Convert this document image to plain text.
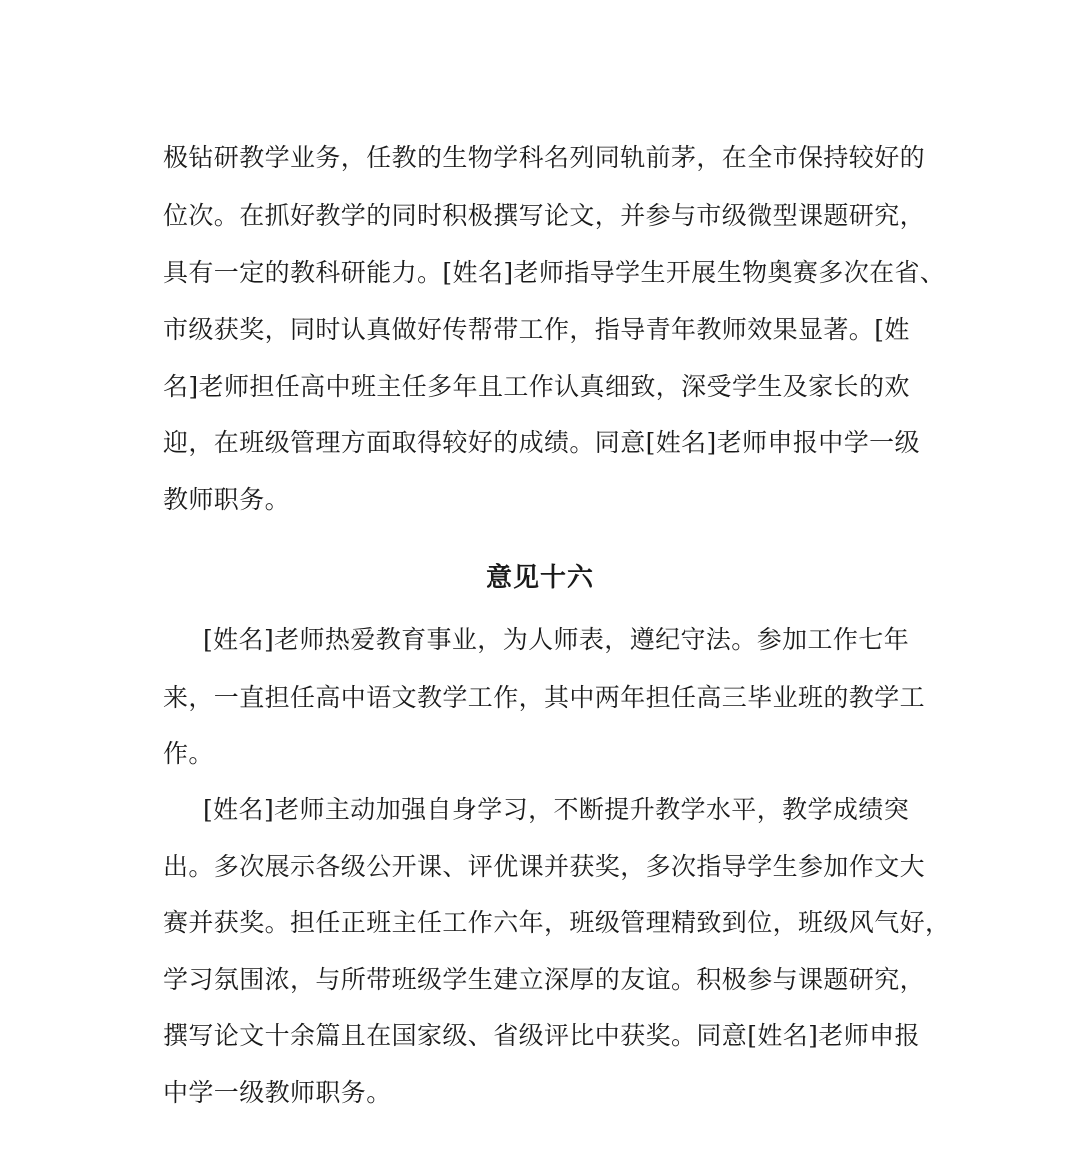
极钻研教学业务，任教的生物学科名列同轨前茅，在全市保持较好的
位次。在抓好教学的同时积极撰写论文，并参与市级微型课题研究，
具有一定的教科研能力。[姓名]老师指导学生开展生物奥赛多次在省、
市级获奖，同时认真做好传帮带工作，指导青年教师效果显著。[姓
名]老师担任高中班主任多年且工作认真细致，深受学生及家长的欢
迎，在班级管理方面取得较好的成绩。同意[姓名]老师申报中学一级
教师职务。
意见十六
[姓名]老师热爱教育事业，为人师表，遵纪守法。参加工作七年
来，一直担任高中语文教学工作，其中两年担任高三毕业班的教学工
作。
[姓名]老师主动加强自身学习，不断提升教学水平，教学成绩突
出。多次展示各级公开课、评优课并获奖，多次指导学生参加作文大
赛并获奖。担任正班主任工作六年，班级管理精致到位，班级风气好，
学习氛围浓，与所带班级学生建立深厚的友谊。积极参与课题研究，
撰写论文十余篇且在国家级、省级评比中获奖。同意[姓名]老师申报
中学一级教师职务。
